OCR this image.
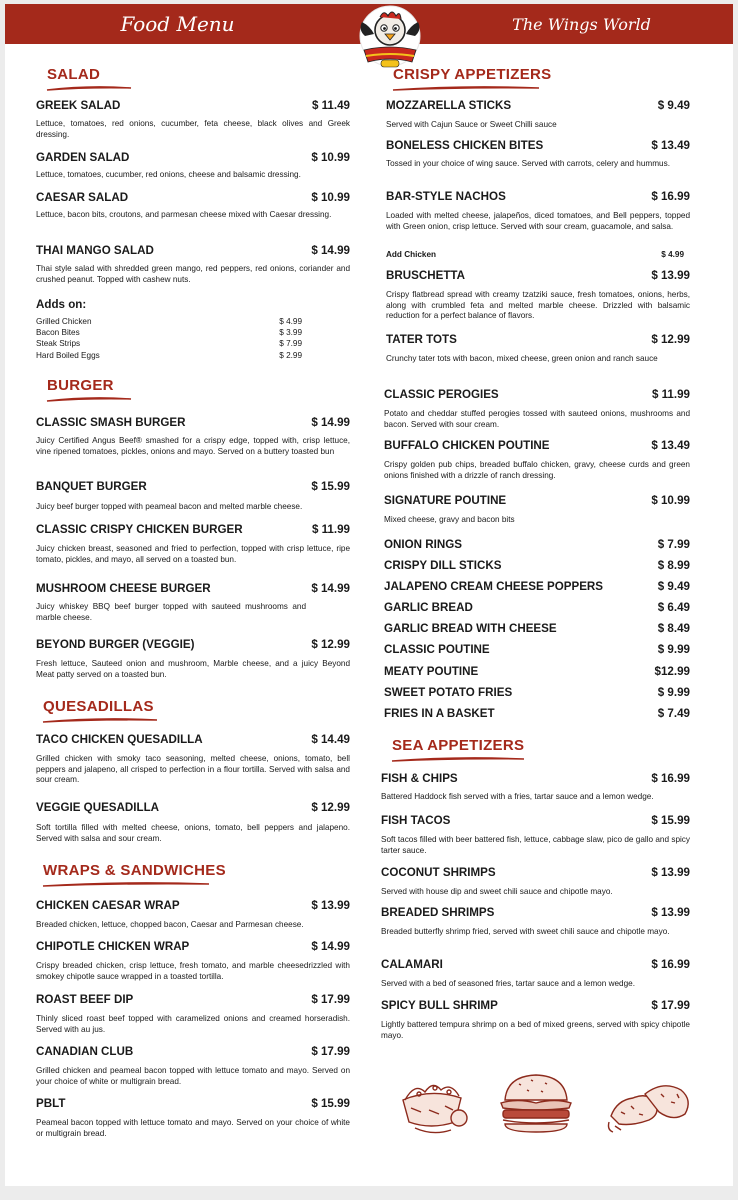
Food Menu	The Wings World
SALAD
GREEK SALAD	$ 11.49
Lettuce, tomatoes, red onions, cucumber, feta cheese, black olives and Greek dressing.
GARDEN SALAD	$ 10.99
Lettuce, tomatoes, cucumber, red onions, cheese and balsamic dressing.
CAESAR SALAD	$ 10.99
Lettuce, bacon bits, croutons, and parmesan cheese mixed with Caesar dressing.
THAI MANGO SALAD	$ 14.99
Thai style salad with shredded green mango, red peppers, red onions, coriander and crushed peanut. Topped with cashew nuts.
Adds on:
Grilled Chicken	$ 4.99
Bacon Bites	$ 3.99
Steak Strips	$ 7.99
Hard Boiled Eggs	$ 2.99
BURGER
CLASSIC SMASH BURGER	$ 14.99
Juicy Certified Angus Beef® smashed for a crispy edge, topped with, crisp lettuce, vine ripened tomatoes, pickles, onions and mayo. Served on a buttery toasted bun
BANQUET BURGER	$ 15.99
Juicy beef burger topped with peameal bacon and melted marble cheese.
CLASSIC CRISPY CHICKEN BURGER	$ 11.99
Juicy chicken breast, seasoned and fried to perfection, topped with crisp lettuce, ripe tomato, pickles, and mayo, all served on a toasted bun.
MUSHROOM CHEESE BURGER	$ 14.99
Juicy whiskey BBQ beef burger topped with sauteed mushrooms and marble cheese.
BEYOND BURGER (VEGGIE)	$ 12.99
Fresh lettuce, Sauteed onion and mushroom, Marble cheese, and a juicy Beyond Meat patty served on a toasted bun.
QUESADILLAS
TACO CHICKEN QUESADILLA	$ 14.49
Grilled chicken with smoky taco seasoning, melted cheese, onions, tomato, bell peppers and jalapeno, all crisped to perfection in a flour tortilla. Served with salsa and sour cream.
VEGGIE QUESADILLA	$ 12.99
Soft tortilla filled with melted cheese, onions, tomato, bell peppers and jalapeno. Served with salsa and sour cream.
WRAPS & SANDWICHES
CHICKEN CAESAR WRAP	$ 13.99
Breaded chicken, lettuce, chopped bacon, Caesar and Parmesan cheese.
CHIPOTLE CHICKEN WRAP	$ 14.99
Crispy breaded chicken, crisp lettuce, fresh tomato, and marble cheesedrizzled with smokey chipotle sauce wrapped in a toasted tortilla.
ROAST BEEF DIP	$ 17.99
Thinly sliced roast beef topped with caramelized onions and creamed horseradish. Served with au jus.
CANADIAN CLUB	$ 17.99
Grilled chicken and peameal bacon topped with lettuce tomato and mayo. Served on your choice of white or multigrain bread.
PBLT	$ 15.99
Peameal bacon topped with lettuce tomato and mayo. Served on your choice of white or multigrain bread.
CRISPY APPETIZERS
MOZZARELLA STICKS	$ 9.49
Served with Cajun Sauce or Sweet Chilli sauce
BONELESS CHICKEN BITES	$ 13.49
Tossed in your choice of wing sauce. Served with carrots, celery and hummus.
BAR-STYLE NACHOS	$ 16.99
Loaded with melted cheese, jalapeños, diced tomatoes, and Bell peppers, topped with Green onion, crisp lettuce. Served with sour cream, guacamole, and salsa.
Add Chicken	$ 4.99
BRUSCHETTA	$ 13.99
Crispy flatbread spread with creamy tzatziki sauce, fresh tomatoes, onions, herbs, along with crumbled feta and melted marble cheese. Drizzled with balsamic reduction for a perfect balance of flavors.
TATER TOTS	$ 12.99
Crunchy tater tots with bacon, mixed cheese, green onion and ranch sauce
CLASSIC PEROGIES	$ 11.99
Potato and cheddar stuffed perogies tossed with sauteed onions, mushrooms and bacon. Served with sour cream.
BUFFALO CHICKEN POUTINE	$ 13.49
Crispy golden pub chips, breaded buffalo chicken, gravy, cheese curds and green onions finished with a drizzle of ranch dressing.
SIGNATURE POUTINE	$ 10.99
Mixed cheese, gravy and bacon bits
ONION RINGS	$ 7.99
CRISPY DILL STICKS	$ 8.99
JALAPENO CREAM CHEESE POPPERS	$ 9.49
GARLIC BREAD	$ 6.49
GARLIC BREAD WITH CHEESE	$ 8.49
CLASSIC POUTINE	$ 9.99
MEATY POUTINE	$12.99
SWEET POTATO FRIES	$ 9.99
FRIES IN A BASKET	$ 7.49
SEA APPETIZERS
FISH & CHIPS	$ 16.99
Battered Haddock fish served with a fries, tartar sauce and a lemon wedge.
FISH TACOS	$ 15.99
Soft tacos filled with beer battered fish, lettuce, cabbage slaw, pico de gallo and spicy tarter sauce.
COCONUT SHRIMPS	$ 13.99
Served with house dip and sweet chili sauce and chipotle mayo.
BREADED SHRIMPS	$ 13.99
Breaded butterfly shrimp fried, served with sweet chili sauce and chipotle mayo.
CALAMARI	$ 16.99
Served with a bed of seasoned fries, tartar sauce and a lemon wedge.
SPICY BULL SHRIMP	$ 17.99
Lightly battered tempura shrimp on a bed of mixed greens, served with spicy chipotle mayo.
